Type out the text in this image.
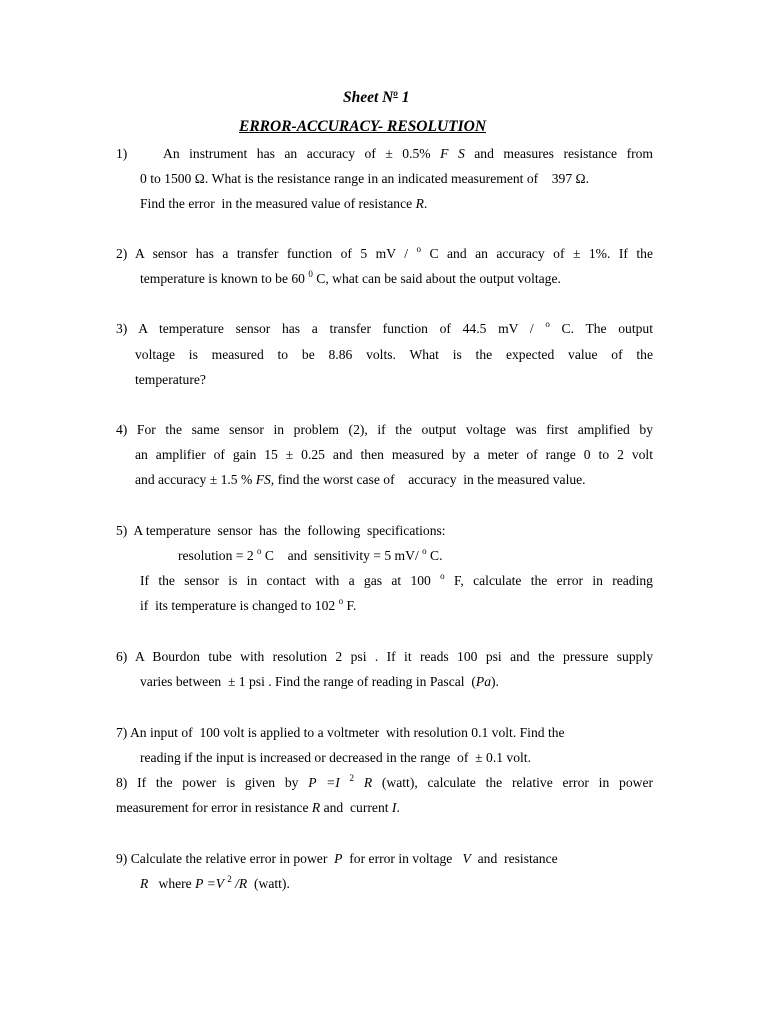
Sheet $N^o$ 1
ERROR-ACCURACY- RESOLUTION
1)	An instrument has an accuracy of ± 0.5% F S and measures resistance from
0 to 1500 Ω. What is the resistance range in an indicated measurement of    397 Ω.
Find the error  in the measured value of resistance R.
2) A sensor has a transfer function of 5 mV / $^o$ C and an accuracy of ± 1%. If the
temperature is known to be 60 $^0$ C, what can be said about the output voltage.
3) A temperature sensor has a transfer function of 44.5 mV / $^o$ C. The output
voltage is measured to be 8.86 volts. What is the expected value of the
temperature?
4) For the same sensor in problem (2), if the output voltage was first amplified by
an amplifier of gain 15 ± 0.25 and then measured by a meter of range 0 to 2 volt
and accuracy ± 1.5 % FS, find the worst case of    accuracy  in the measured value.
5)  A temperature  sensor  has  the  following  specifications:
resolution = 2 $^o$ C    and  sensitivity = 5 mV/ $^o$ C.
If the sensor is in contact with a gas at 100 $^o$ F, calculate the error in reading
if  its temperature is changed to 102 $^o$ F.
6) A Bourdon tube with resolution 2 psi . If it reads 100 psi and the pressure supply
varies between  ± 1 psi . Find the range of reading in Pascal  (Pa).
7) An input of  100 volt is applied to a voltmeter  with resolution 0.1 volt. Find the
reading if the input is increased or decreased in the range  of  ± 0.1 volt.
8) If the power is given by P =I $^2$ R (watt), calculate the relative error in power
measurement for error in resistance R and  current I.
9) Calculate the relative error in power  P  for error in voltage   V  and  resistance
R   where P =V $^2$ /R  (watt).
